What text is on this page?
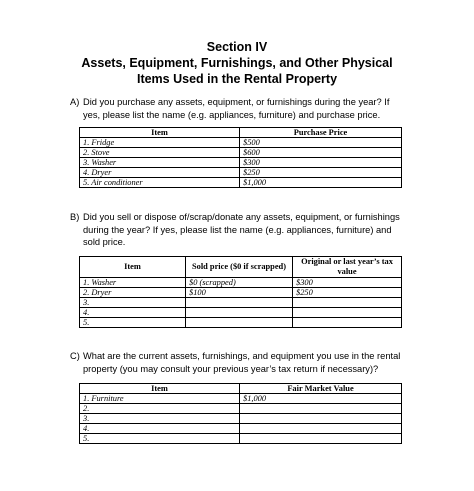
Section IV
Assets, Equipment, Furnishings, and Other Physical
Items Used in the Rental Property
A) Did you purchase any assets, equipment, or furnishings during the year? If
yes, please list the name (e.g. appliances, furniture) and purchase price.
Item	Purchase Price
1. Fridge	$500
2. Stove	$600
3. Washer	$300
4. Dryer	$250
5. Air conditioner	$1,000
B) Did you sell or dispose of/scrap/donate any assets, equipment, or furnishings
during the year? If yes, please list the name (e.g. appliances, furniture) and
sold price.
Item	Sold price ($0 if scrapped)	Original or last year’s tax value
1. Washer	$0 (scrapped)	$300
2. Dryer	$100	$250
3.		
4.		
5.		
C) What are the current assets, furnishings, and equipment you use in the rental
property (you may consult your previous year’s tax return if necessary)?
Item	Fair Market Value
1. Furniture	$1,000
2.	
3.	
4.	
5.	
